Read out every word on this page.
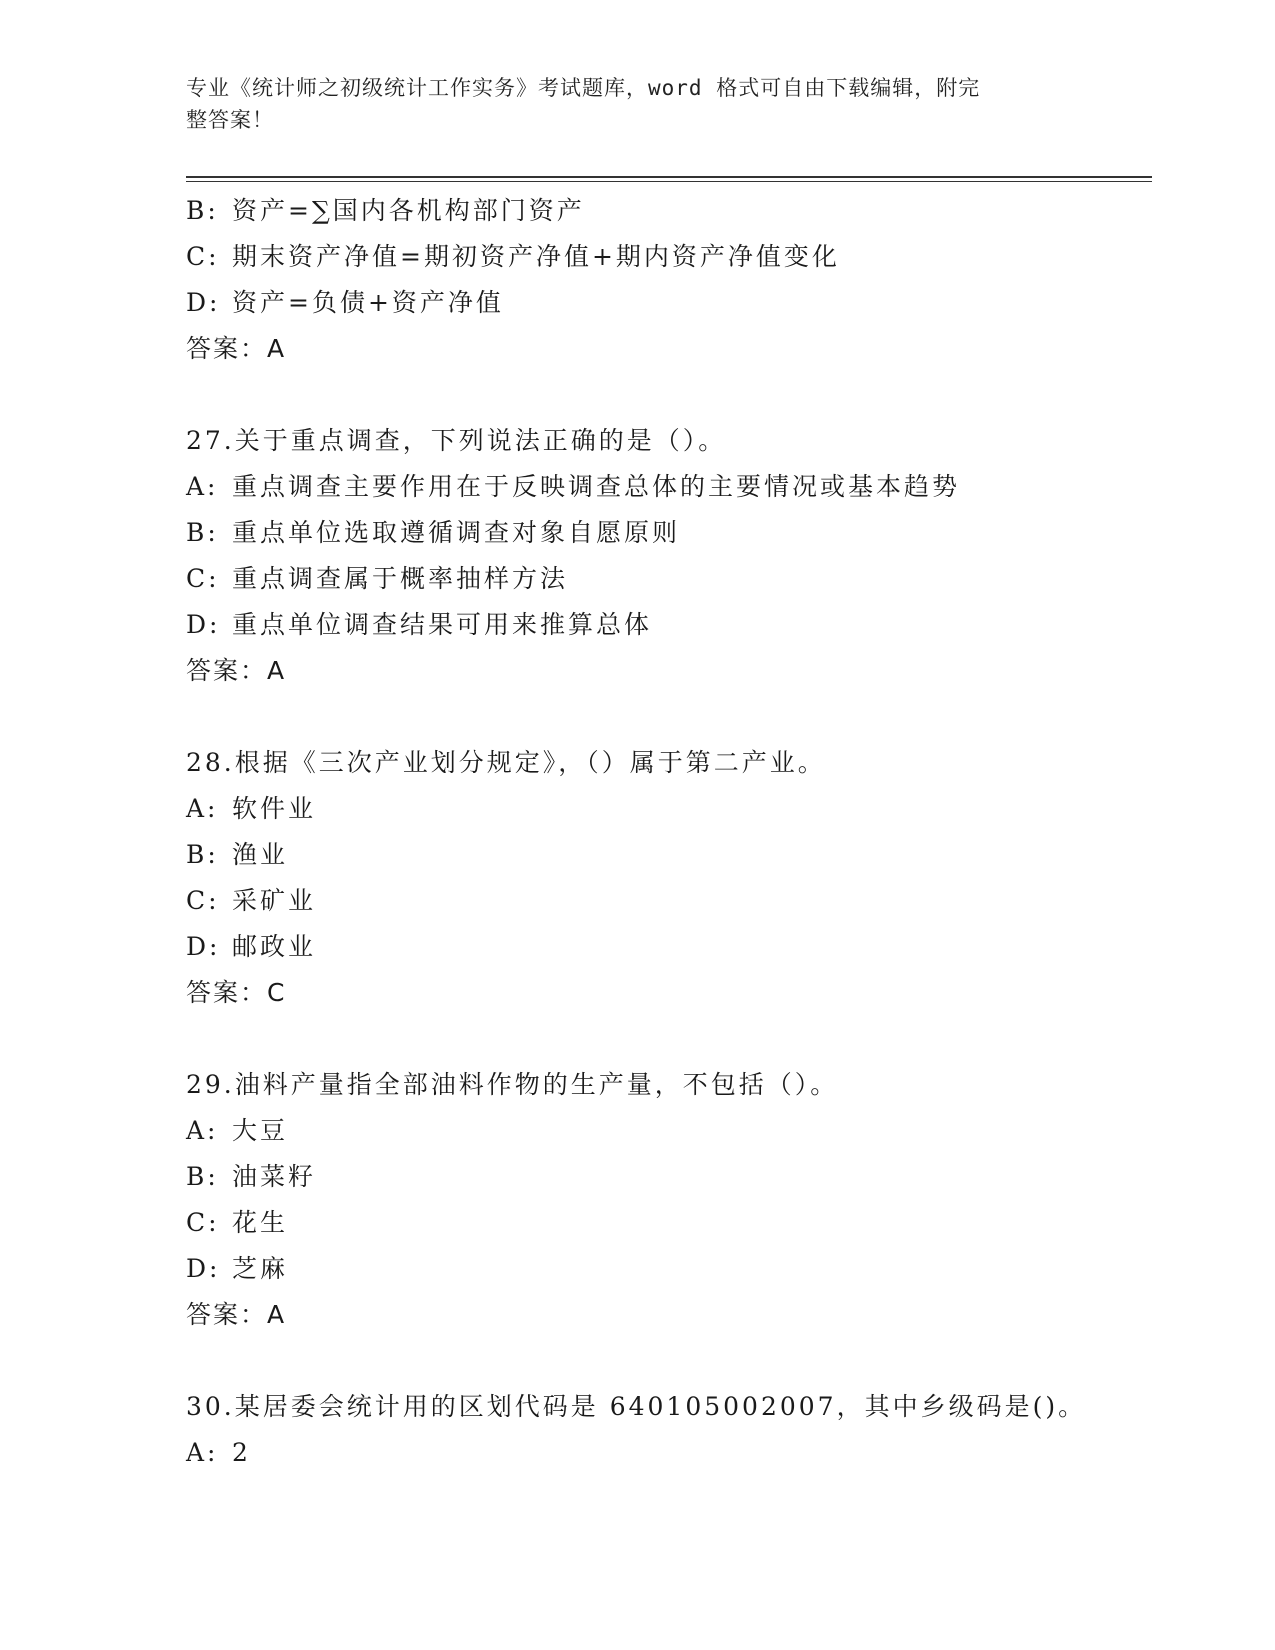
专业《统计师之初级统计工作实务》考试题库，word 格式可自由下载编辑，附完
整答案！
B: 资产=∑国内各机构部门资产
C: 期末资产净值=期初资产净值+期内资产净值变化
D: 资产=负债+资产净值
答案：A
27.关于重点调查，下列说法正确的是（）。
A: 重点调查主要作用在于反映调查总体的主要情况或基本趋势
B: 重点单位选取遵循调查对象自愿原则
C: 重点调查属于概率抽样方法
D: 重点单位调查结果可用来推算总体
答案：A
28.根据《三次产业划分规定》，（）属于第二产业。
A: 软件业
B: 渔业
C: 采矿业
D: 邮政业
答案：C
29.油料产量指全部油料作物的生产量，不包括（）。
A: 大豆
B: 油菜籽
C: 花生
D: 芝麻
答案：A
30.某居委会统计用的区划代码是 640105002007，其中乡级码是()。
A: 2
